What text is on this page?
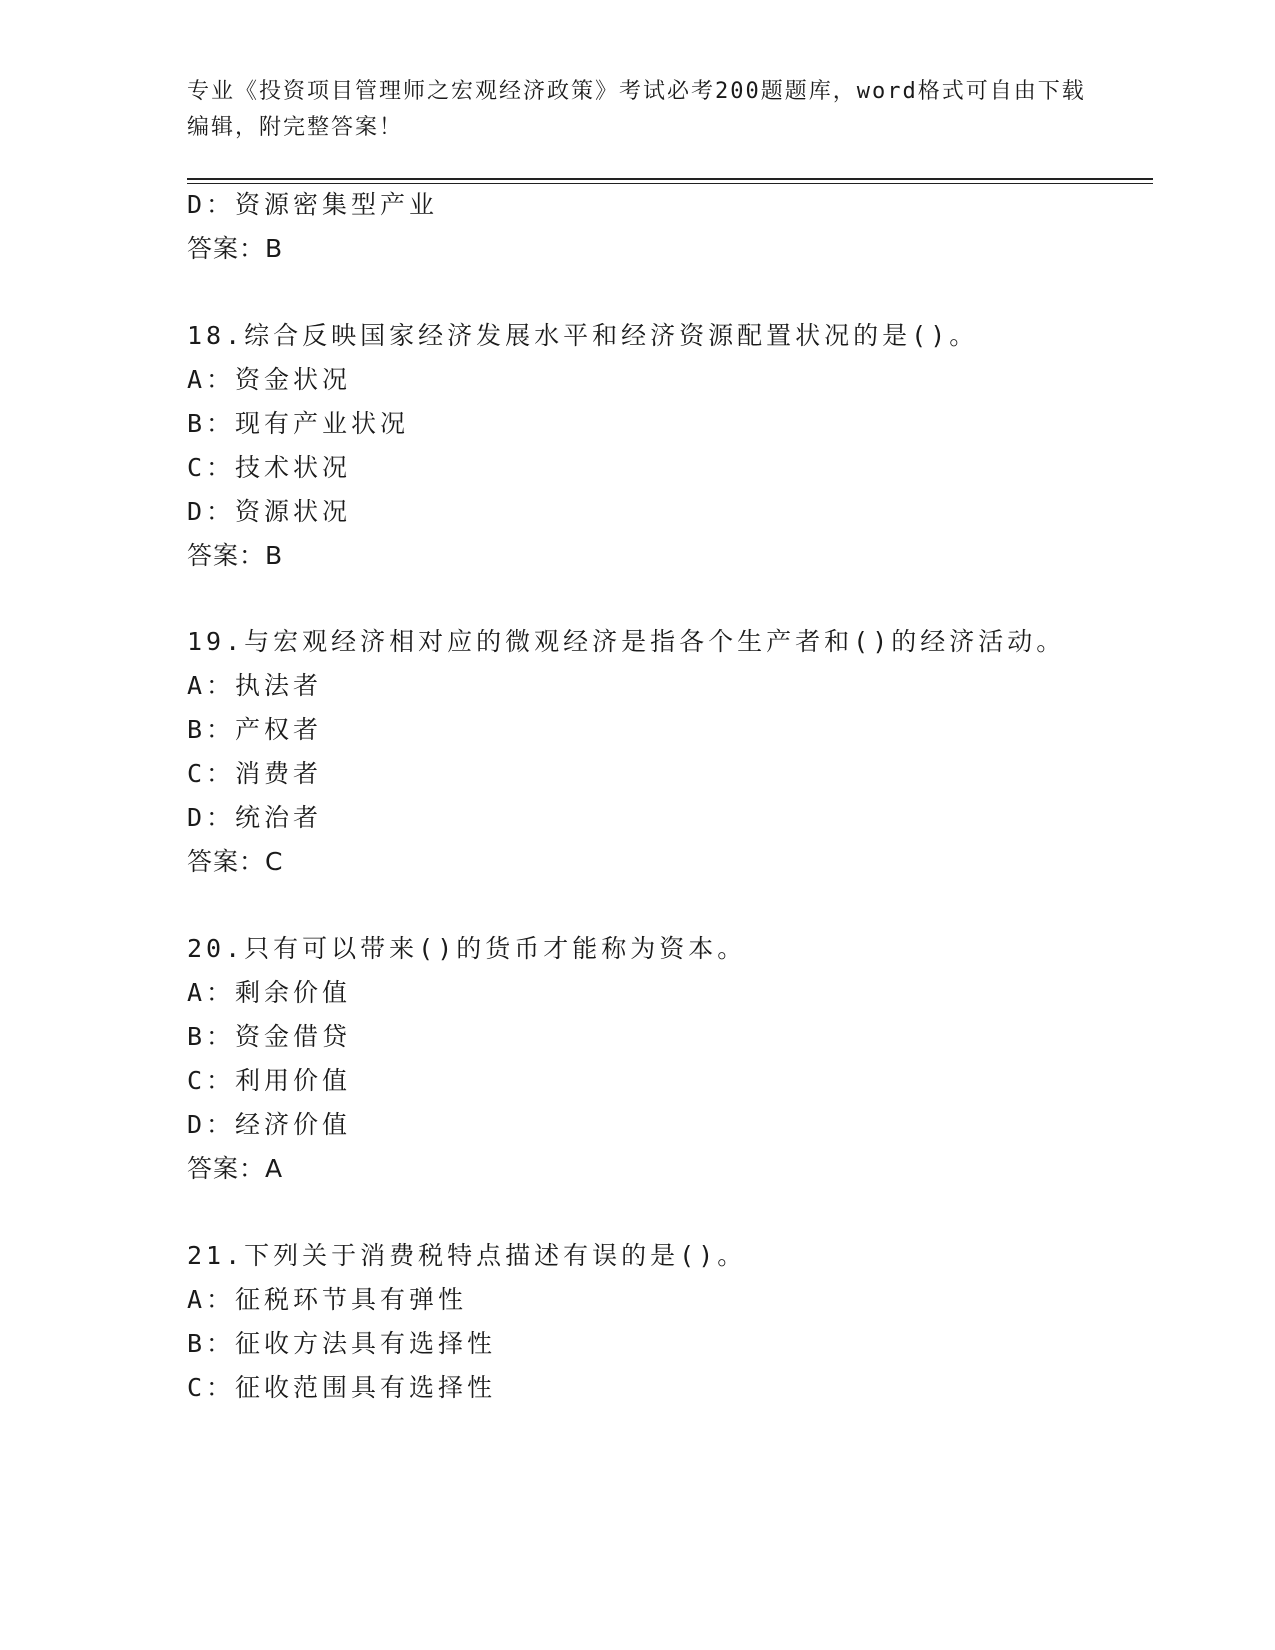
专业《投资项目管理师之宏观经济政策》考试必考200题题库，word格式可自由下载编辑，附完整答案！
D：资源密集型产业
答案：B
18.综合反映国家经济发展水平和经济资源配置状况的是()。
A：资金状况
B：现有产业状况
C：技术状况
D：资源状况
答案：B
19.与宏观经济相对应的微观经济是指各个生产者和()的经济活动。
A：执法者
B：产权者
C：消费者
D：统治者
答案：C
20.只有可以带来()的货币才能称为资本。
A：剩余价值
B：资金借贷
C：利用价值
D：经济价值
答案：A
21.下列关于消费税特点描述有误的是()。
A：征税环节具有弹性
B：征收方法具有选择性
C：征收范围具有选择性
